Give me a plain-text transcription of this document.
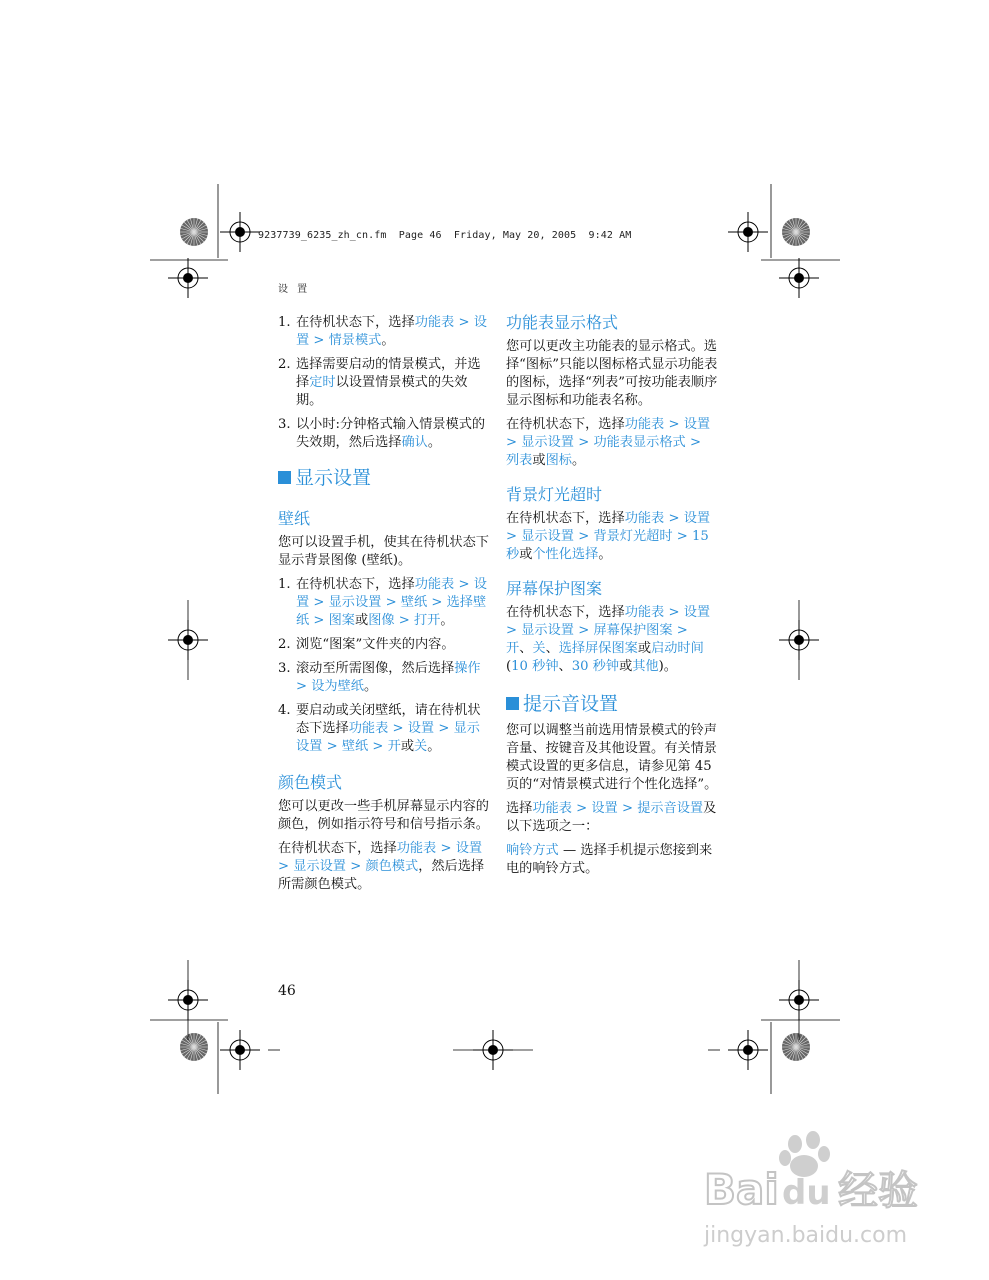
9237739_6235_zh_cn.fm  Page 46  Friday, May 20, 2005  9:42 AM
设 置
1. 在待机状态下，选择功能表 > 设置 > 情景模式。
2. 选择需要启动的情景模式，并选择定时以设置情景模式的失效期。
3. 以小时:分钟格式输入情景模式的失效期，然后选择确认。
显示设置
壁纸

您可以设置手机，使其在待机状态下显示背景图像 (壁纸)。

1. 在待机状态下，选择功能表 > 设置 > 显示设置 > 壁纸 > 选择壁纸 > 图案或图像 > 打开。
2. 浏览“图案”文件夹的内容。
3. 滚动至所需图像，然后选择操作 > 设为壁纸。
4. 要启动或关闭壁纸，请在待机状态下选择功能表 > 设置 > 显示设置 > 壁纸 > 开或关。
颜色模式

您可以更改一些手机屏幕显示内容的颜色，例如指示符号和信号指示条。

在待机状态下，选择功能表 > 设置 > 显示设置 > 颜色模式，然后选择所需颜色模式。

功能表显示格式

您可以更改主功能表的显示格式。选择“图标”只能以图标格式显示功能表的图标，选择“列表”可按功能表顺序显示图标和功能表名称。

在待机状态下，选择功能表 > 设置 > 显示设置 > 功能表显示格式 > 列表或图标。

背景灯光超时

在待机状态下，选择功能表 > 设置 > 显示设置 > 背景灯光超时 > 15 秒或个性化选择。

屏幕保护图案

在待机状态下，选择功能表 > 设置 > 显示设置 > 屏幕保护图案 > 开、关、选择屏保图案或启动时间 (10 秒钟、30 秒钟或其他)。

提示音设置

您可以调整当前选用情景模式的铃声音量、按键音及其他设置。有关情景模式设置的更多信息，请参见第 45 页的“对情景模式进行个性化选择”。

选择功能表 > 设置 > 提示音设置及以下选项之一：

响铃方式 — 选择手机提示您接到来电的响铃方式。

46
Bai du 经验
jingyan.baidu.com
